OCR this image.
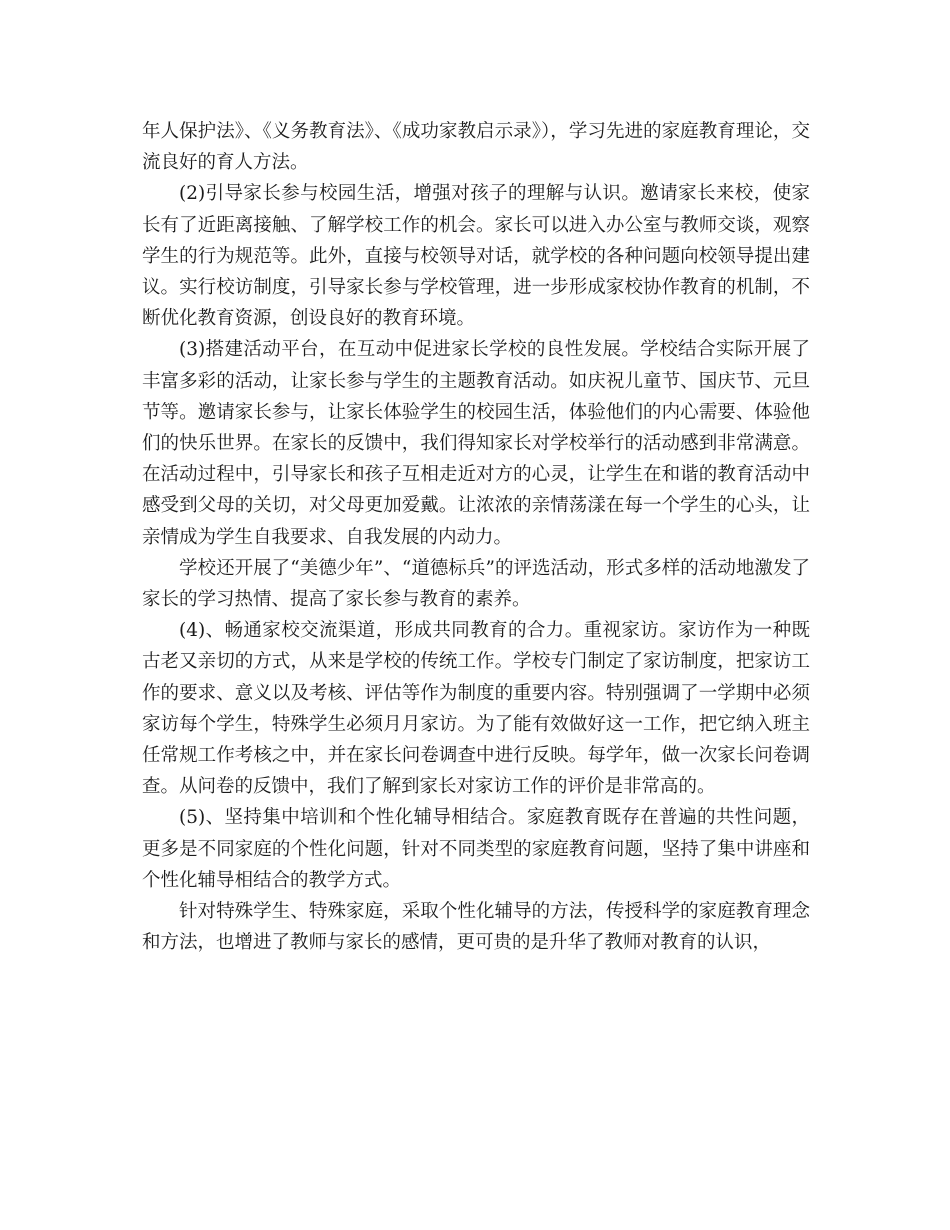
年人保护法》、《义务教育法》、《成功家教启示录》），学习先进的家庭教育理论，交流良好的育人方法。

(2)引导家长参与校园生活，增强对孩子的理解与认识。邀请家长来校，使家长有了近距离接触、了解学校工作的机会。家长可以进入办公室与教师交谈，观察学生的行为规范等。此外，直接与校领导对话，就学校的各种问题向校领导提出建议。实行校访制度，引导家长参与学校管理，进一步形成家校协作教育的机制，不断优化教育资源，创设良好的教育环境。

(3)搭建活动平台，在互动中促进家长学校的良性发展。学校结合实际开展了丰富多彩的活动，让家长参与学生的主题教育活动。如庆祝儿童节、国庆节、元旦节等。邀请家长参与，让家长体验学生的校园生活，体验他们的内心需要、体验他们的快乐世界。在家长的反馈中，我们得知家长对学校举行的活动感到非常满意。在活动过程中，引导家长和孩子互相走近对方的心灵，让学生在和谐的教育活动中感受到父母的关切，对父母更加爱戴。让浓浓的亲情荡漾在每一个学生的心头，让亲情成为学生自我要求、自我发展的内动力。

学校还开展了“美德少年”、“道德标兵”的评选活动，形式多样的活动地激发了家长的学习热情、提高了家长参与教育的素养。

(4)、畅通家校交流渠道，形成共同教育的合力。重视家访。家访作为一种既古老又亲切的方式，从来是学校的传统工作。学校专门制定了家访制度，把家访工作的要求、意义以及考核、评估等作为制度的重要内容。特别强调了一学期中必须家访每个学生，特殊学生必须月月家访。为了能有效做好这一工作，把它纳入班主任常规工作考核之中，并在家长问卷调查中进行反映。每学年，做一次家长问卷调查。从问卷的反馈中，我们了解到家长对家访工作的评价是非常高的。

(5)、坚持集中培训和个性化辅导相结合。家庭教育既存在普遍的共性问题，更多是不同家庭的个性化问题，针对不同类型的家庭教育问题，坚持了集中讲座和个性化辅导相结合的教学方式。

针对特殊学生、特殊家庭，采取个性化辅导的方法，传授科学的家庭教育理念和方法，也增进了教师与家长的感情，更可贵的是升华了教师对教育的认识，
